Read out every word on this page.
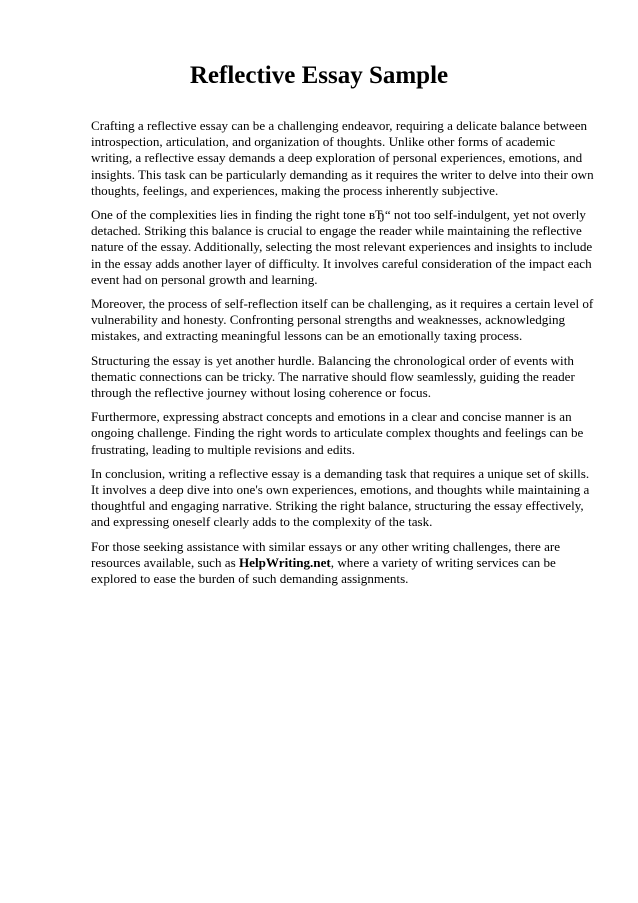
Reflective Essay Sample

Crafting a reflective essay can be a challenging endeavor, requiring a delicate balance between introspection, articulation, and organization of thoughts. Unlike other forms of academic writing, a reflective essay demands a deep exploration of personal experiences, emotions, and insights. This task can be particularly demanding as it requires the writer to delve into their own thoughts, feelings, and experiences, making the process inherently subjective.

One of the complexities lies in finding the right tone вЂ“ not too self-indulgent, yet not overly detached. Striking this balance is crucial to engage the reader while maintaining the reflective nature of the essay. Additionally, selecting the most relevant experiences and insights to include in the essay adds another layer of difficulty. It involves careful consideration of the impact each event had on personal growth and learning.

Moreover, the process of self-reflection itself can be challenging, as it requires a certain level of vulnerability and honesty. Confronting personal strengths and weaknesses, acknowledging mistakes, and extracting meaningful lessons can be an emotionally taxing process.

Structuring the essay is yet another hurdle. Balancing the chronological order of events with thematic connections can be tricky. The narrative should flow seamlessly, guiding the reader through the reflective journey without losing coherence or focus.

Furthermore, expressing abstract concepts and emotions in a clear and concise manner is an ongoing challenge. Finding the right words to articulate complex thoughts and feelings can be frustrating, leading to multiple revisions and edits.

In conclusion, writing a reflective essay is a demanding task that requires a unique set of skills. It involves a deep dive into one's own experiences, emotions, and thoughts while maintaining a thoughtful and engaging narrative. Striking the right balance, structuring the essay effectively, and expressing oneself clearly adds to the complexity of the task.

For those seeking assistance with similar essays or any other writing challenges, there are resources available, such as HelpWriting.net, where a variety of writing services can be explored to ease the burden of such demanding assignments.
